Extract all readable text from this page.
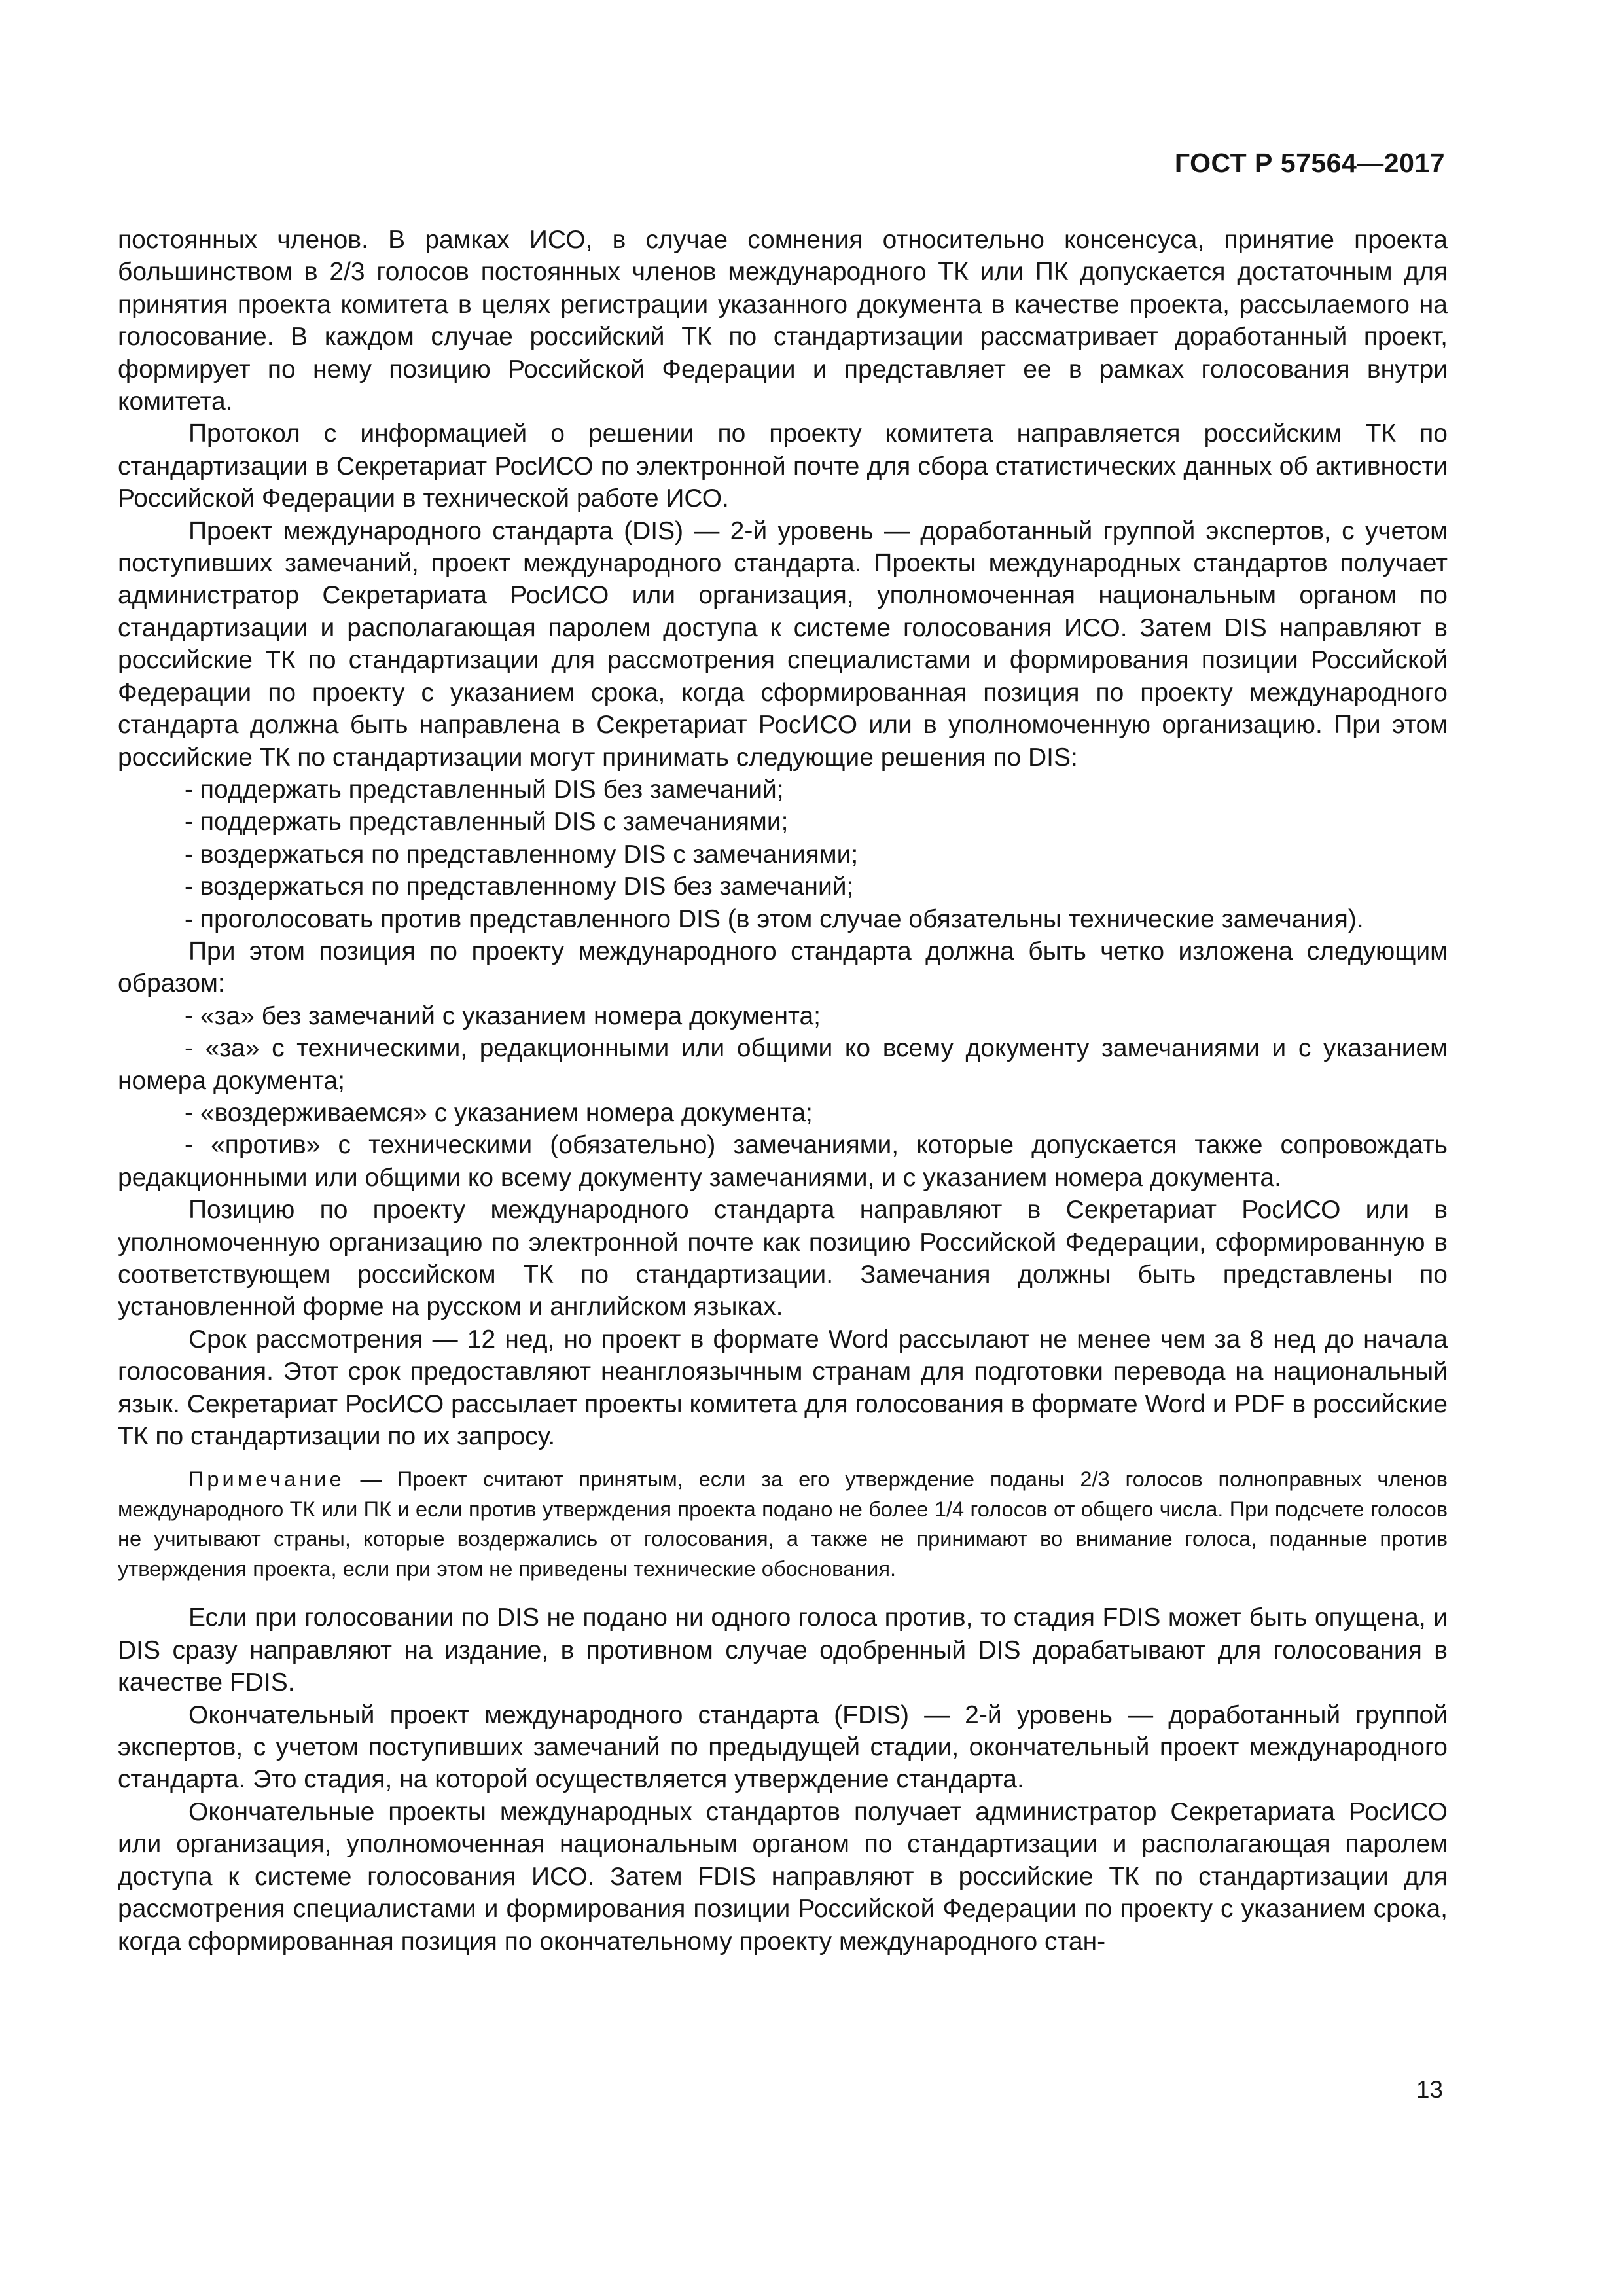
ГОСТ Р 57564—2017

постоянных членов. В рамках ИСО, в случае сомнения относительно консенсуса, принятие проекта большинством в 2/3 голосов постоянных членов международного ТК или ПК допускается достаточным для принятия проекта комитета в целях регистрации указанного документа в качестве проекта, рассылаемого на голосование. В каждом случае российский ТК по стандартизации рассматривает доработанный проект, формирует по нему позицию Российской Федерации и представляет ее в рамках голосования внутри комитета.

Протокол с информацией о решении по проекту комитета направляется российским ТК по стандартизации в Секретариат РосИСО по электронной почте для сбора статистических данных об активности Российской Федерации в технической работе ИСО.

Проект международного стандарта (DIS) — 2-й уровень — доработанный группой экспертов, с учетом поступивших замечаний, проект международного стандарта. Проекты международных стандартов получает администратор Секретариата РосИСО или организация, уполномоченная национальным органом по стандартизации и располагающая паролем доступа к системе голосования ИСО. Затем DIS направляют в российские ТК по стандартизации для рассмотрения специалистами и формирования позиции Российской Федерации по проекту с указанием срока, когда сформированная позиция по проекту международного стандарта должна быть направлена в Секретариат РосИСО или в уполномоченную организацию. При этом российские ТК по стандартизации могут принимать следующие решения по DIS:

- поддержать представленный DIS без замечаний;

- поддержать представленный DIS с замечаниями;

- воздержаться по представленному DIS с замечаниями;

- воздержаться по представленному DIS без замечаний;

- проголосовать против представленного DIS (в этом случае обязательны технические замечания).

При этом позиция по проекту международного стандарта должна быть четко изложена следующим образом:

- «за» без замечаний с указанием номера документа;

- «за» с техническими, редакционными или общими ко всему документу замечаниями и с указанием номера документа;

- «воздерживаемся» с указанием номера документа;

- «против» с техническими (обязательно) замечаниями, которые допускается также сопровождать редакционными или общими ко всему документу замечаниями, и с указанием номера документа.

Позицию по проекту международного стандарта направляют в Секретариат РосИСО или в уполномоченную организацию по электронной почте как позицию Российской Федерации, сформированную в соответствующем российском ТК по стандартизации. Замечания должны быть представлены по установленной форме на русском и английском языках.

Срок рассмотрения — 12 нед, но проект в формате Word рассылают не менее чем за 8 нед до начала голосования. Этот срок предоставляют неанглоязычным странам для подготовки перевода на национальный язык. Секретариат РосИСО рассылает проекты комитета для голосования в формате Word и PDF в российские ТК по стандартизации по их запросу.

Примечание — Проект считают принятым, если за его утверждение поданы 2/3 голосов полноправных членов международного ТК или ПК и если против утверждения проекта подано не более 1/4 голосов от общего числа. При подсчете голосов не учитывают страны, которые воздержались от голосования, а также не принимают во внимание голоса, поданные против утверждения проекта, если при этом не приведены технические обоснования.

Если при голосовании по DIS не подано ни одного голоса против, то стадия FDIS может быть опущена, и DIS сразу направляют на издание, в противном случае одобренный DIS дорабатывают для голосования в качестве FDIS.

Окончательный проект международного стандарта (FDIS) — 2-й уровень — доработанный группой экспертов, с учетом поступивших замечаний по предыдущей стадии, окончательный проект международного стандарта. Это стадия, на которой осуществляется утверждение стандарта.

Окончательные проекты международных стандартов получает администратор Секретариата РосИСО или организация, уполномоченная национальным органом по стандартизации и располагающая паролем доступа к системе голосования ИСО. Затем FDIS направляют в российские ТК по стандартизации для рассмотрения специалистами и формирования позиции Российской Федерации по проекту с указанием срока, когда сформированная позиция по окончательному проекту международного стан-

13
